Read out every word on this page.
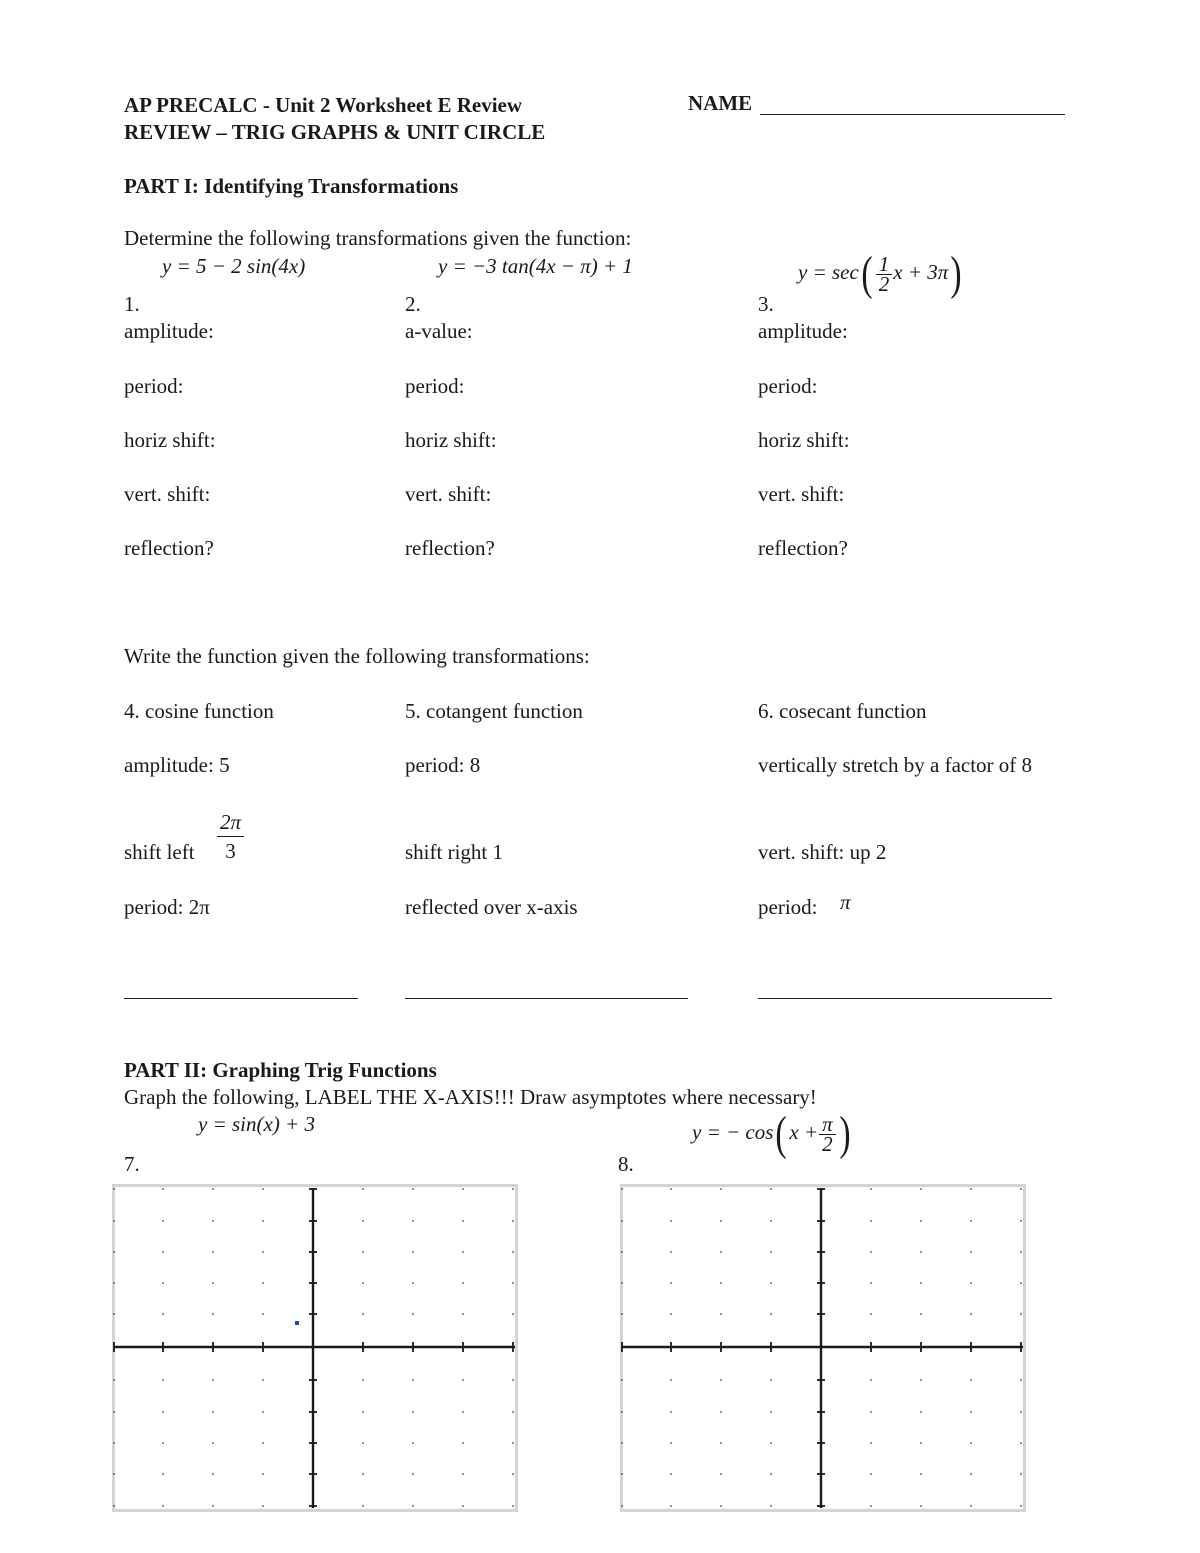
AP PRECALC - Unit 2 Worksheet E Review
REVIEW – TRIG GRAPHS & UNIT CIRCLE
NAME
PART I: Identifying Transformations
Determine the following transformations given the function:
y = 5 − 2 sin(4x)	y = −3 tan(4x − π) + 1	$y = \sec( \frac{1}{2}$ x + 3π)
1.
amplitude:
period:
horiz shift:
vert. shift:
reflection?
2.
a-value:
period:
horiz shift:
vert. shift:
reflection?
3.
amplitude:
period:
horiz shift:
vert. shift:
reflection?
Write the function given the following transformations:
4. cosine function
amplitude: 5
shift left $\frac{2\pi}{3}$
period: 2π
5. cotangent function
period: 8
shift right 1
reflected over x-axis
6. cosecant function
vertically stretch by a factor of 8
vert. shift: up 2
period: π
PART II: Graphing Trig Functions
Graph the following, LABEL THE X-AXIS!!! Draw asymptotes where necessary!
y = sin(x) + 3
7.	8.
y = − cos( $x + \frac{\pi}{2}$ )
